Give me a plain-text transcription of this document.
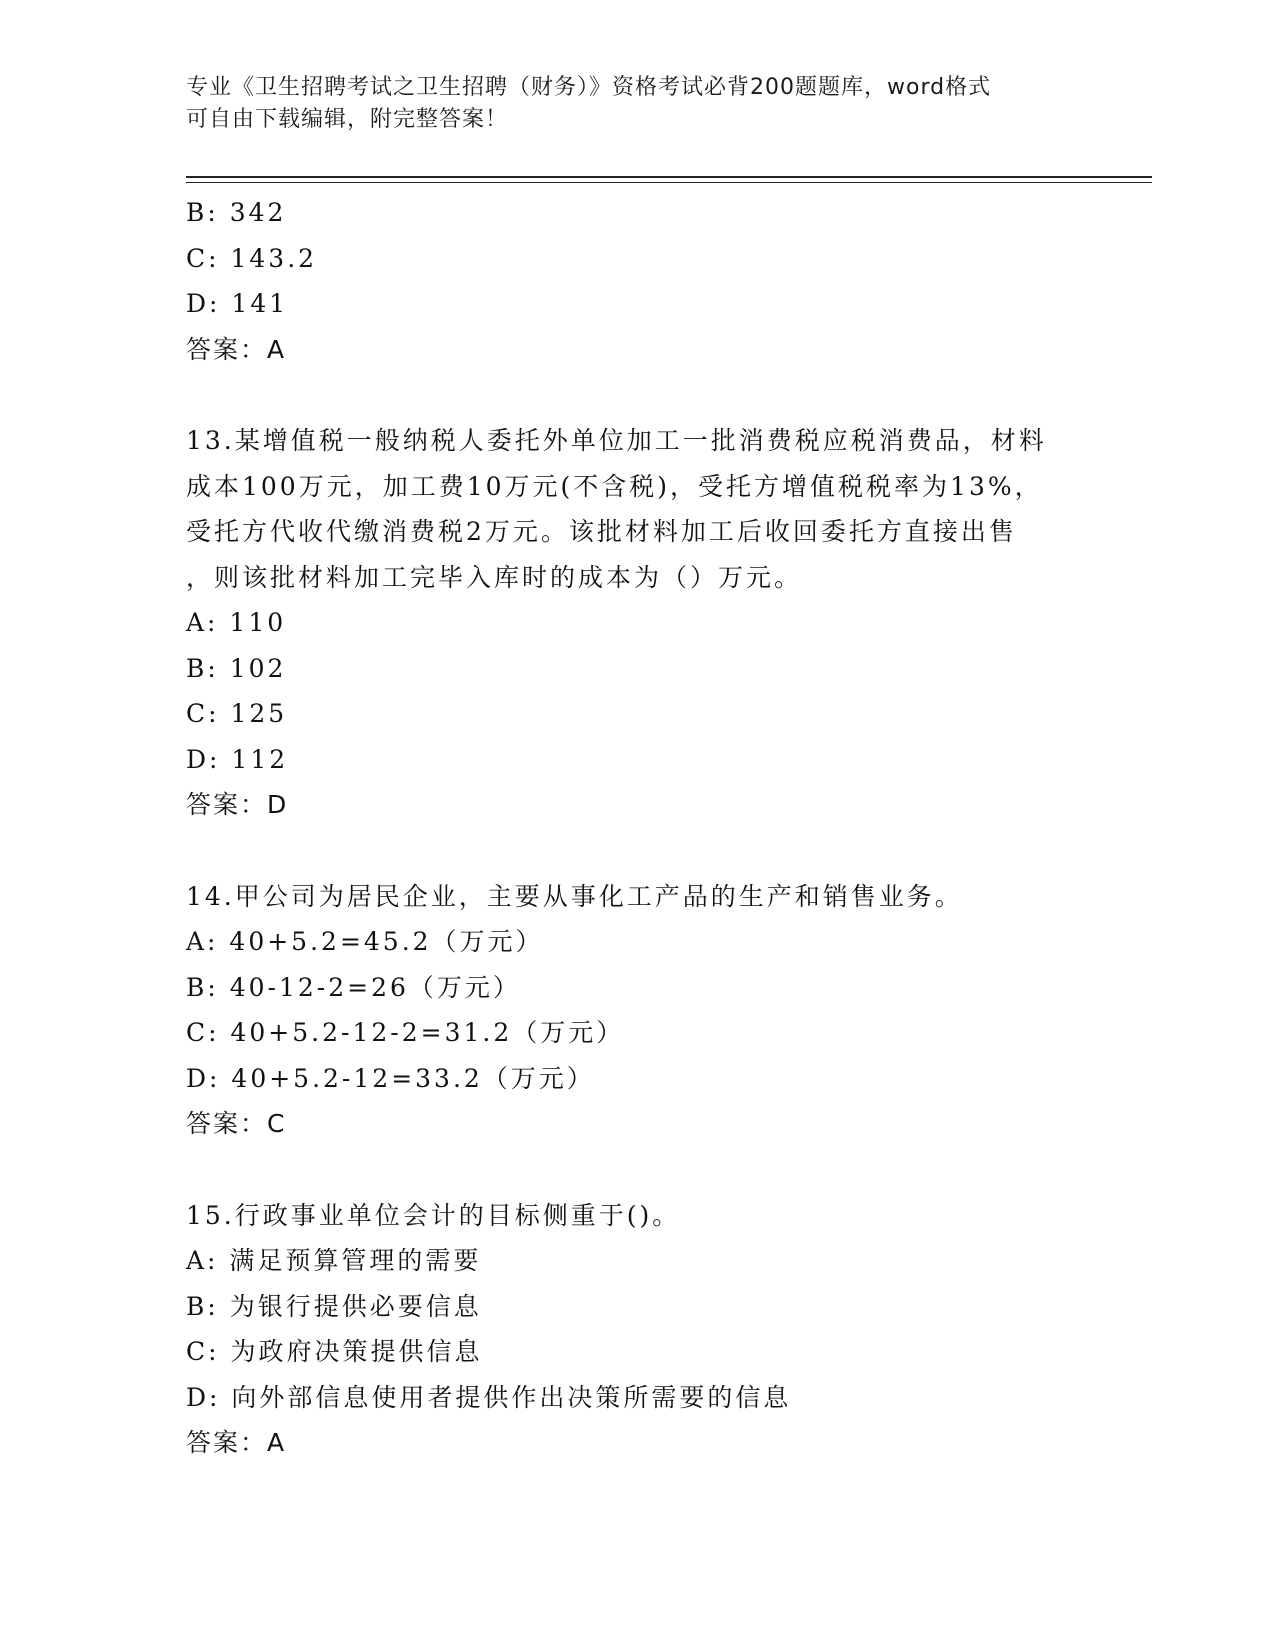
专业《卫生招聘考试之卫生招聘（财务）》资格考试必背200题题库，word格式
可自由下载编辑，附完整答案！
B: 342
C: 143.2
D: 141
答案：A
13.某增值税一般纳税人委托外单位加工一批消费税应税消费品，材料
成本100万元，加工费10万元(不含税)，受托方增值税税率为13%，
受托方代收代缴消费税2万元。该批材料加工后收回委托方直接出售
，则该批材料加工完毕入库时的成本为（）万元。
A: 110
B: 102
C: 125
D: 112
答案：D
14.甲公司为居民企业，主要从事化工产品的生产和销售业务。
A: 40+5.2=45.2（万元）
B: 40-12-2=26（万元）
C: 40+5.2-12-2=31.2（万元）
D: 40+5.2-12=33.2（万元）
答案：C
15.行政事业单位会计的目标侧重于()。
A: 满足预算管理的需要
B: 为银行提供必要信息
C: 为政府决策提供信息
D: 向外部信息使用者提供作出决策所需要的信息
答案：A
